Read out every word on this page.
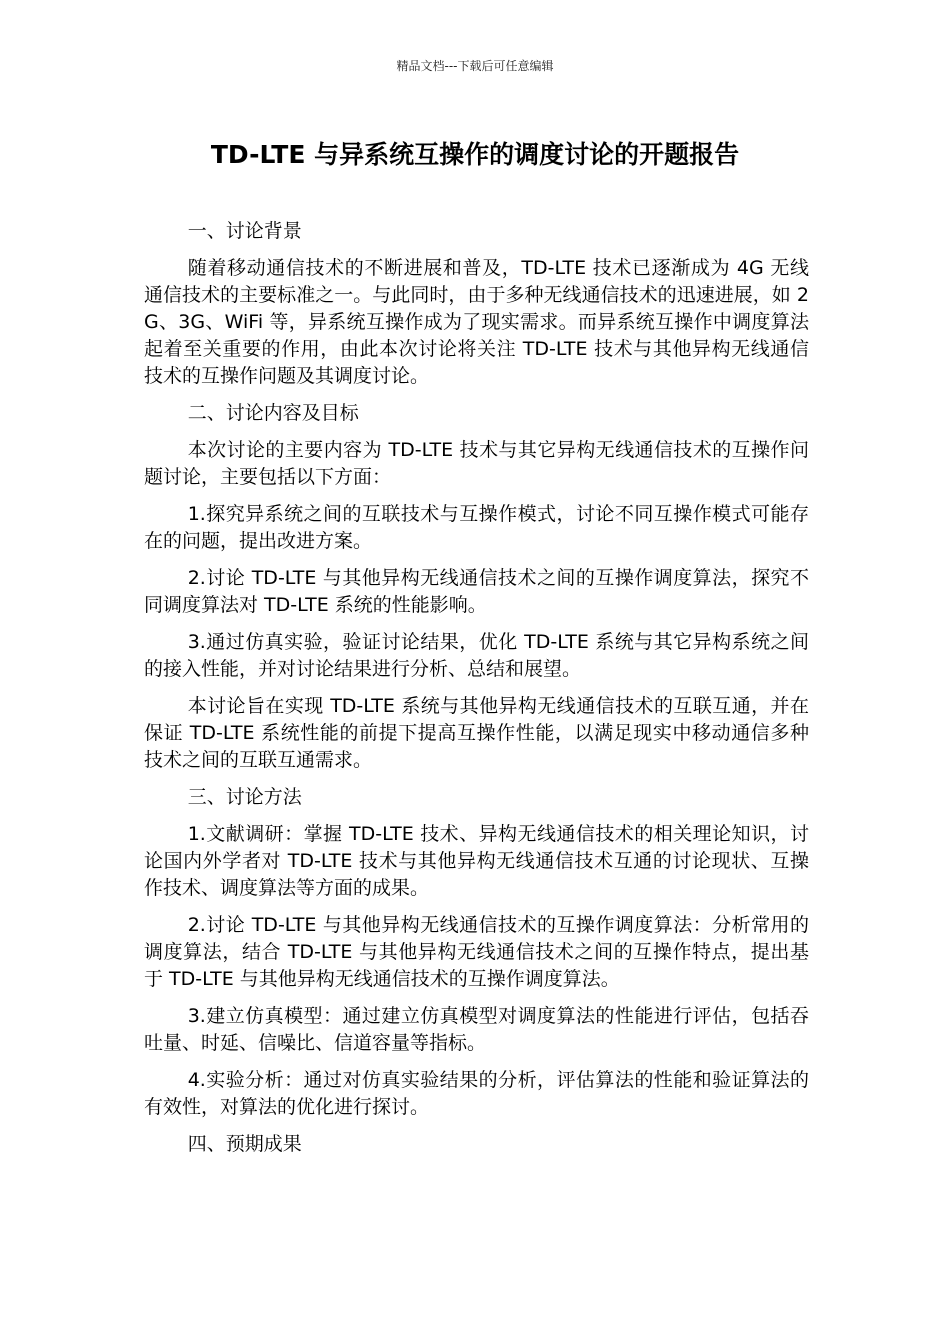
精品文档---下载后可任意编辑
TD-LTE 与异系统互操作的调度讨论的开题报告

一、讨论背景

随着移动通信技术的不断进展和普及，TD-LTE 技术已逐渐成为 4G 无线通信技术的主要标准之一。与此同时，由于多种无线通信技术的迅速进展，如 2G、3G、WiFi 等，异系统互操作成为了现实需求。而异系统互操作中调度算法起着至关重要的作用，由此本次讨论将关注 TD-LTE 技术与其他异构无线通信技术的互操作问题及其调度讨论。

二、讨论内容及目标

本次讨论的主要内容为 TD-LTE 技术与其它异构无线通信技术的互操作问题讨论，主要包括以下方面：

1.探究异系统之间的互联技术与互操作模式，讨论不同互操作模式可能存在的问题，提出改进方案。

2.讨论 TD-LTE 与其他异构无线通信技术之间的互操作调度算法，探究不同调度算法对 TD-LTE 系统的性能影响。

3.通过仿真实验，验证讨论结果，优化 TD-LTE 系统与其它异构系统之间的接入性能，并对讨论结果进行分析、总结和展望。

本讨论旨在实现 TD-LTE 系统与其他异构无线通信技术的互联互通，并在保证 TD-LTE 系统性能的前提下提高互操作性能，以满足现实中移动通信多种技术之间的互联互通需求。

三、讨论方法

1.文献调研：掌握 TD-LTE 技术、异构无线通信技术的相关理论知识，讨论国内外学者对 TD-LTE 技术与其他异构无线通信技术互通的讨论现状、互操作技术、调度算法等方面的成果。

2.讨论 TD-LTE 与其他异构无线通信技术的互操作调度算法：分析常用的调度算法，结合 TD-LTE 与其他异构无线通信技术之间的互操作特点，提出基于 TD-LTE 与其他异构无线通信技术的互操作调度算法。

3.建立仿真模型：通过建立仿真模型对调度算法的性能进行评估，包括吞吐量、时延、信噪比、信道容量等指标。

4.实验分析：通过对仿真实验结果的分析，评估算法的性能和验证算法的有效性，对算法的优化进行探讨。

四、预期成果
